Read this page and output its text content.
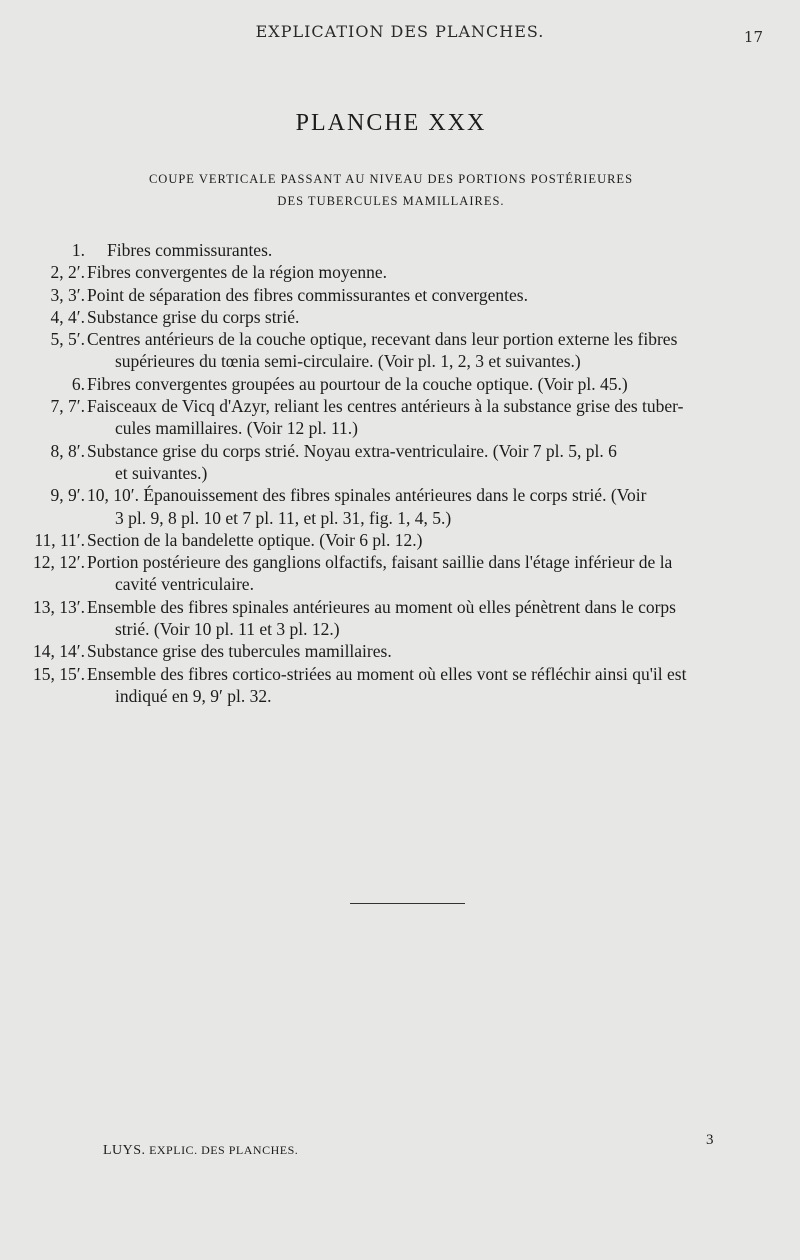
EXPLICATION DES PLANCHES.	17
PLANCHE XXX
COUPE VERTICALE PASSANT AU NIVEAU DES PORTIONS POSTÉRIEURES
DES TUBERCULES MAMILLAIRES.
1.	Fibres commissurantes.
2, 2′. Fibres convergentes de la région moyenne.
3, 3′. Point de séparation des fibres commissurantes et convergentes.
4, 4′. Substance grise du corps strié.
5, 5′. Centres antérieurs de la couche optique, recevant dans leur portion externe les fibres
supérieures du tœnia semi-circulaire. (Voir pl. 1, 2, 3 et suivantes.)
6. Fibres convergentes groupées au pourtour de la couche optique. (Voir pl. 45.)
7, 7′. Faisceaux de Vicq d'Azyr, reliant les centres antérieurs à la substance grise des tuber-
cules mamillaires. (Voir 12 pl. 11.)
8, 8′. Substance grise du corps strié. Noyau extra-ventriculaire. (Voir 7 pl. 5, pl. 6
et suivantes.)
9, 9′. 10, 10′. Épanouissement des fibres spinales antérieures dans le corps strié. (Voir
3 pl. 9, 8 pl. 10 et 7 pl. 11, et pl. 31, fig. 1, 4, 5.)
11, 11′. Section de la bandelette optique. (Voir 6 pl. 12.)
12, 12′. Portion postérieure des ganglions olfactifs, faisant saillie dans l'étage inférieur de la
cavité ventriculaire.
13, 13′. Ensemble des fibres spinales antérieures au moment où elles pénètrent dans le corps
strié. (Voir 10 pl. 11 et 3 pl. 12.)
14, 14′. Substance grise des tubercules mamillaires.
15, 15′. Ensemble des fibres cortico-striées au moment où elles vont se réfléchir ainsi qu'il est
indiqué en 9, 9′ pl. 32.
LUYS. EXPLIC. DES PLANCHES.
3
